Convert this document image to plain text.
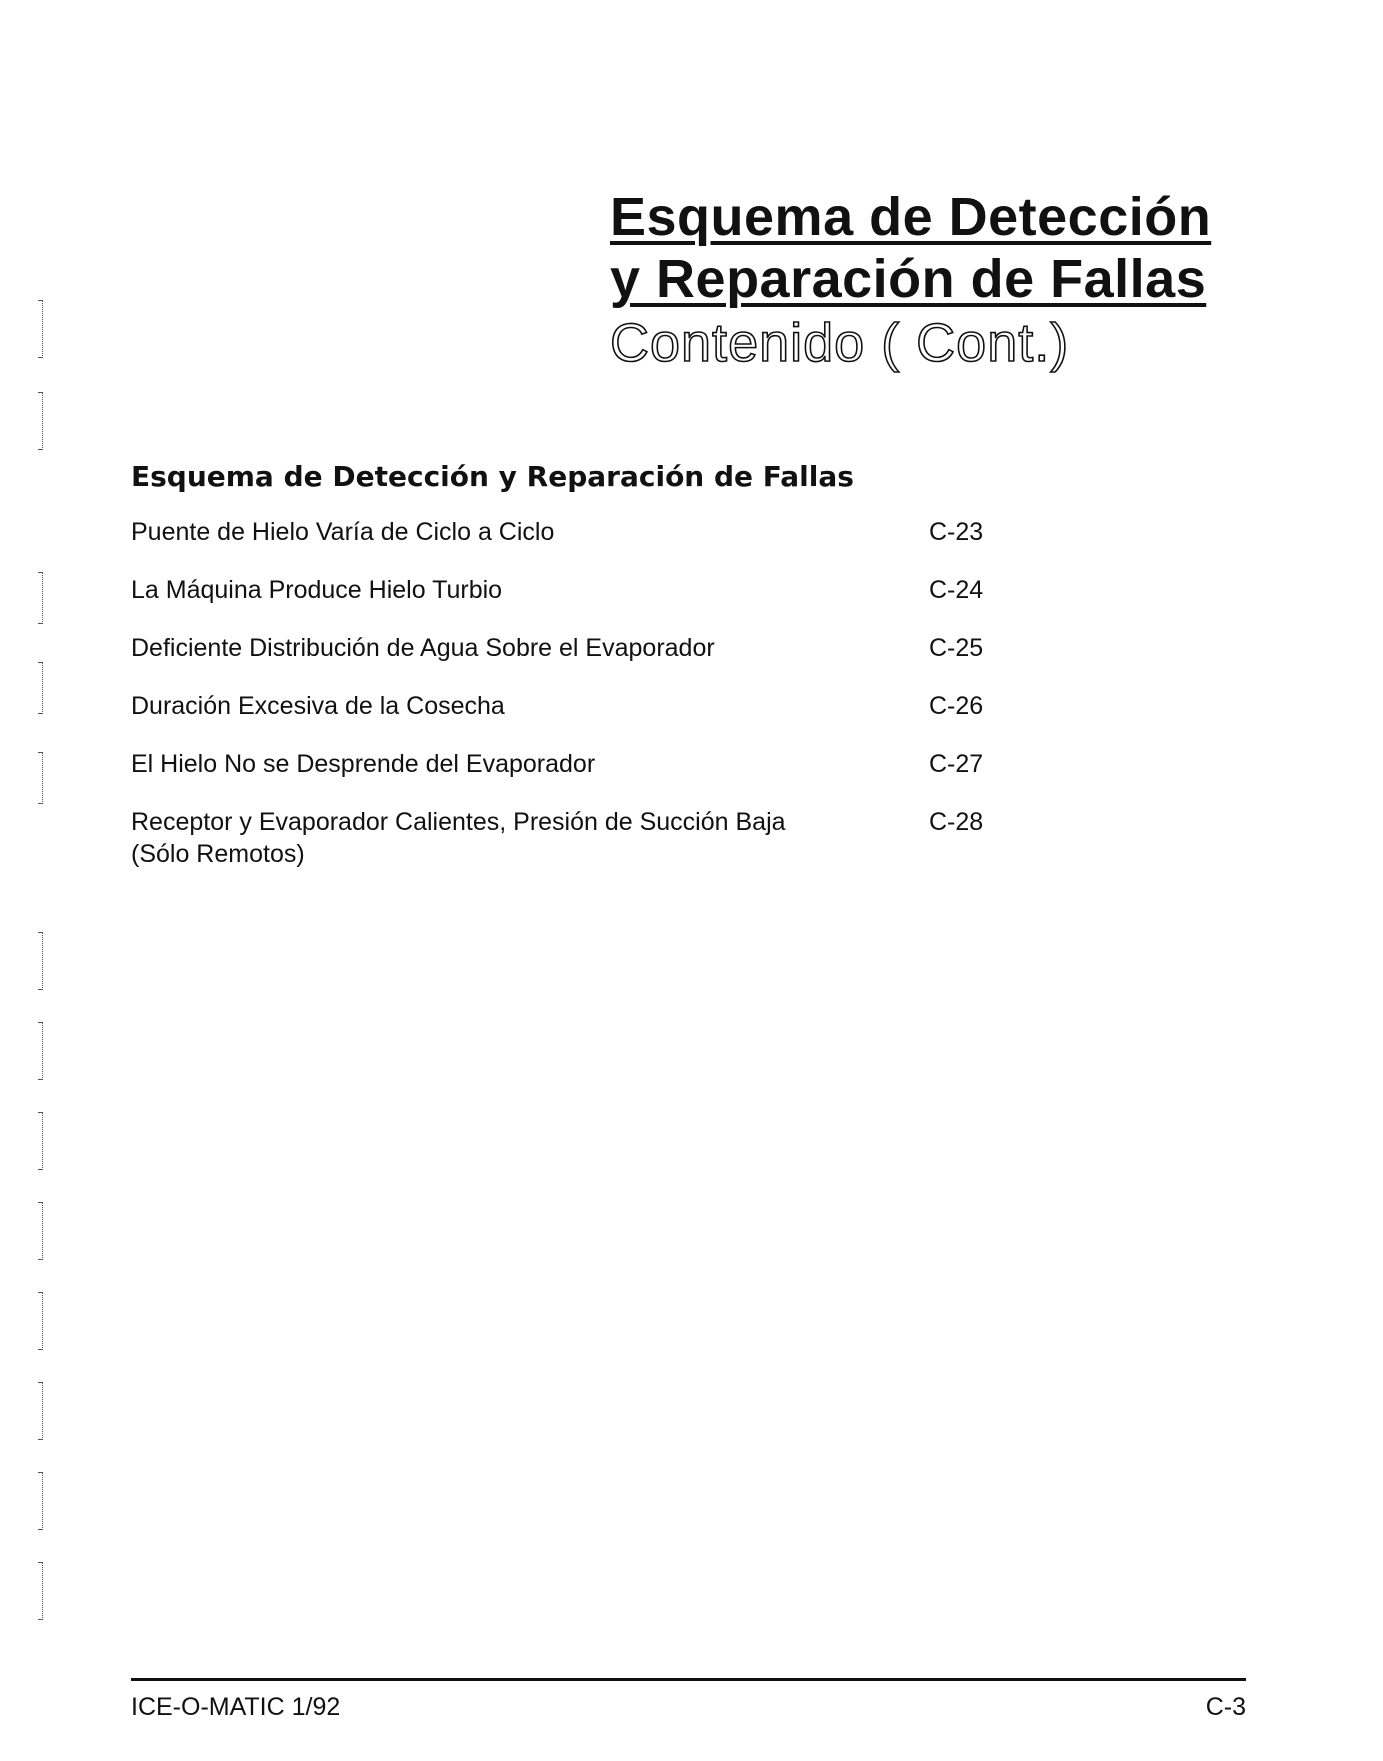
Esquema de Detección
y Reparación de Fallas
Contenido ( Cont.)
Esquema de Detección y Reparación de Fallas
Puente de Hielo Varía de Ciclo a Ciclo	C-23
La Máquina Produce Hielo Turbio	C-24
Deficiente Distribución de Agua Sobre el Evaporador	C-25
Duración Excesiva de la Cosecha	C-26
El Hielo No se Desprende del Evaporador	C-27
Receptor y Evaporador Calientes, Presión de Succión Baja
(Sólo Remotos)
C-28
ICE-O-MATIC 1/92	C-3
